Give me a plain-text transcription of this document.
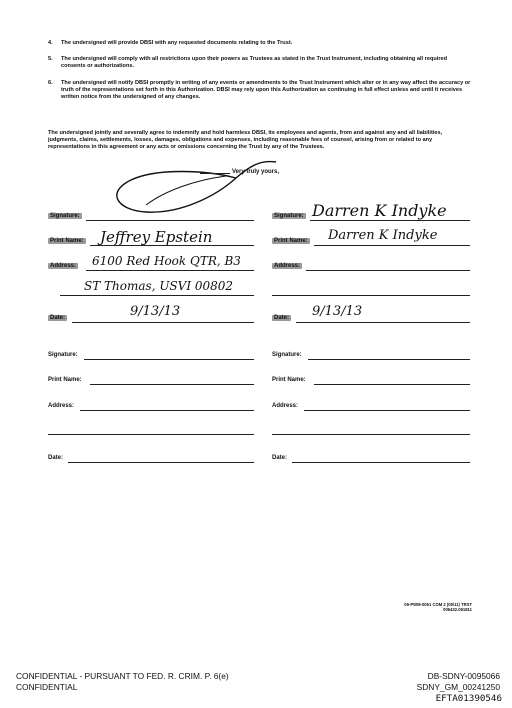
4. The undersigned will provide DBSI with any requested documents relating to the Trust.
5. The undersigned will comply with all restrictions upon their powers as Trustees as stated in the Trust Instrument, including obtaining all required consents or authorizations.
6. The undersigned will notify DBSI promptly in writing of any events or amendments to the Trust Instrument which alter or in any way affect the accuracy or truth of the representations set forth in this Authorization. DBSI may rely upon this Authorization as continuing in full effect unless and until it receives written notice from the undersigned of any changes.
The undersigned jointly and severally agree to indemnify and hold harmless DBSI, its employees and agents, from and against any and all liabilities, judgments, claims, settlements, losses, damages, obligations and expenses, including reasonable fees of counsel, arising from or related to any representations in this agreement or any acts or omissions concerning the Trust by any of the Trustees.
Very truly yours,
Signature:
Print Name: Jeffrey Epstein
Address: 6100 Red Hook QTR, B3
ST Thomas, USVI 00802
Date:	9/13/13
Signature: Darren K Indyke
Print Name: Darren K Indyke
Address:
Date: 9/13/13
Signature:
Print Name:
Address:
Date:
Signature:
Print Name:
Address:
Date:
09-PWM-0061 COM 2 (05/11) TRST
006432.061811
CONFIDENTIAL - PURSUANT TO FED. R. CRIM. P. 6(e)
CONFIDENTIAL
DB-SDNY-0095066
SDNY_GM_00241250
EFTA01390546
